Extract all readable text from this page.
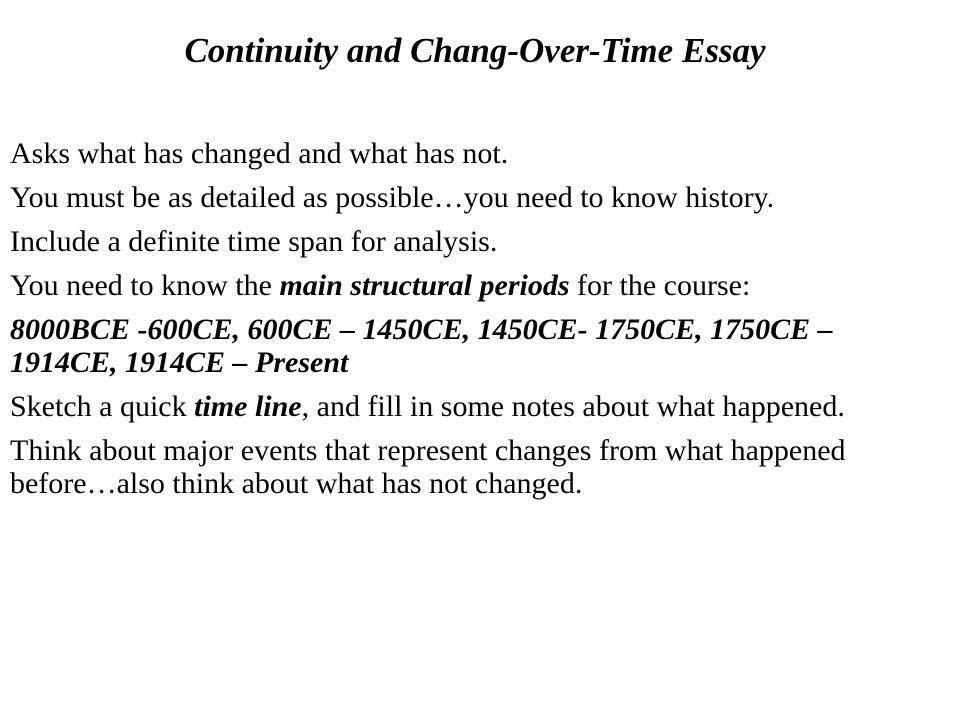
Continuity and Chang-Over-Time Essay
Asks what has changed and what has not.
You must be as detailed as possible…you need to know history.
Include a definite time span for analysis.
You need to know the main structural periods for the course:
8000BCE -600CE, 600CE – 1450CE, 1450CE- 1750CE, 1750CE – 1914CE, 1914CE – Present
Sketch a quick time line, and fill in some notes about what happened.
Think about major events that represent changes from what happened before…also think about what has not changed.
